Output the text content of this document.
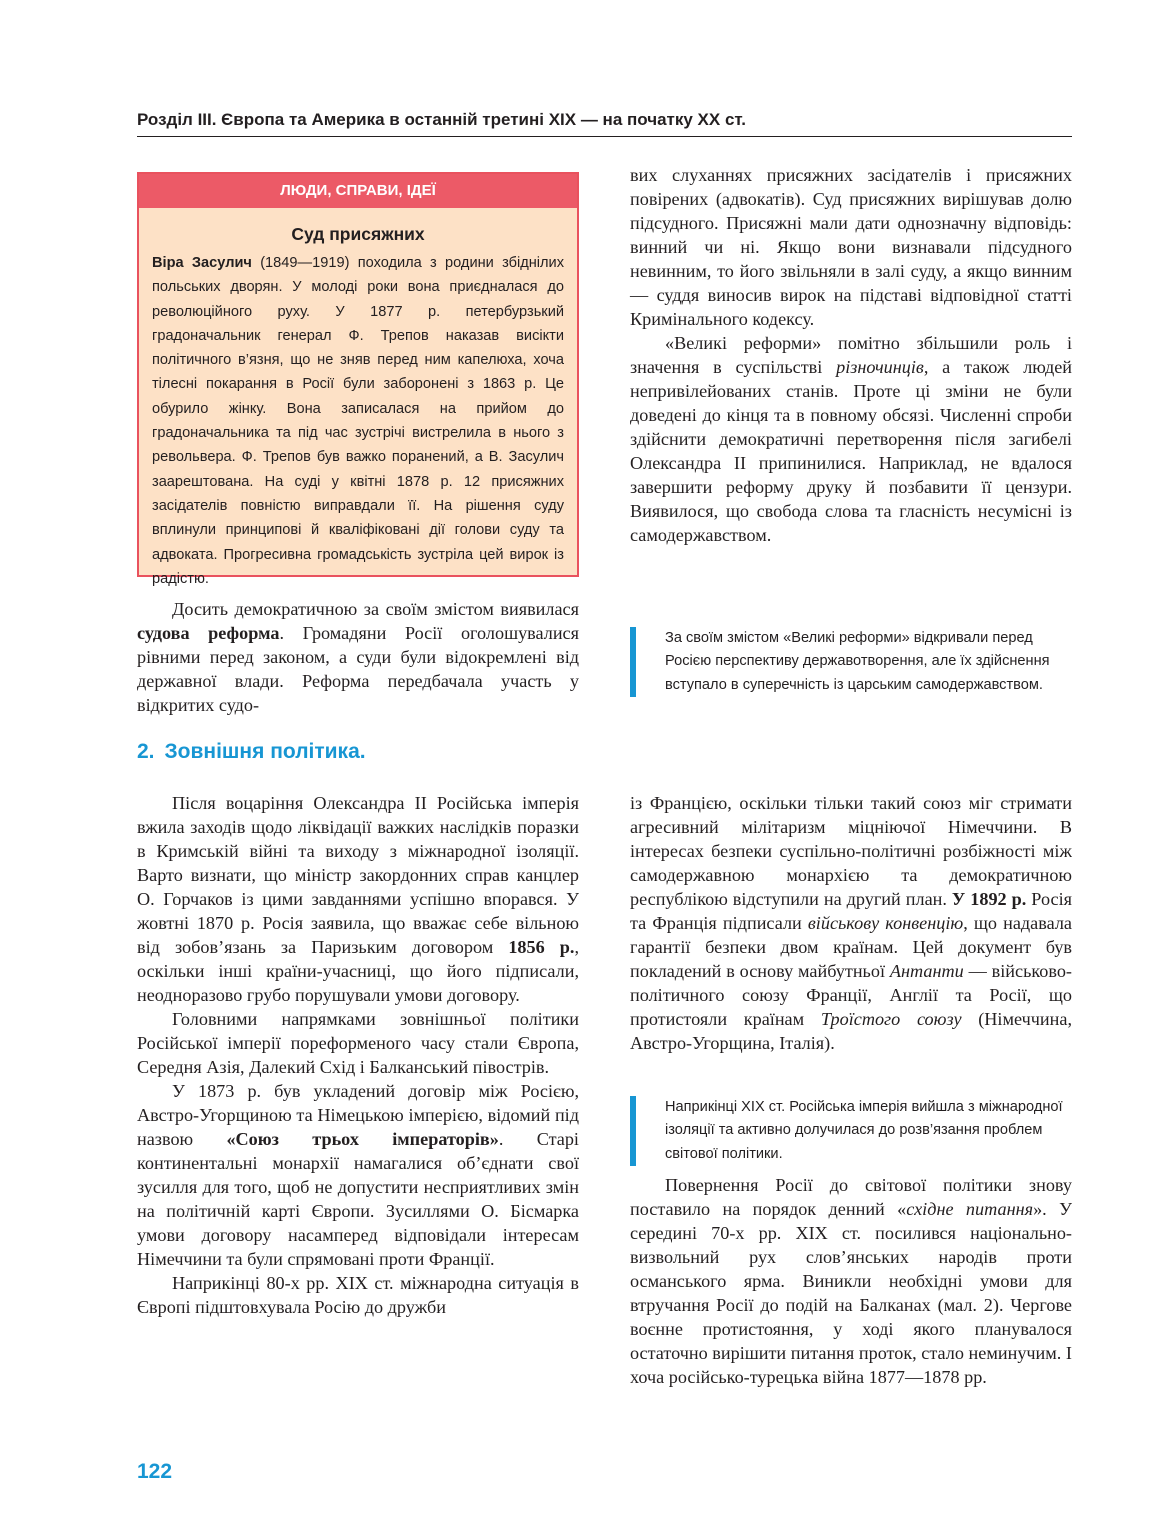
Розділ ІІІ. Європа та Америка в останній третині ХІХ — на початку ХХ ст.
ЛЮДИ, СПРАВИ, ІДЕЇ
Суд присяжних
Віра Засулич (1849—1919) походила з родини збіднілих польських дворян. У молоді роки вона приєдналася до революційного руху. У 1877 р. петербурзький градоначальник генерал Ф. Трепов наказав висікти політичного в’язня, що не зняв перед ним капелюха, хоча тілесні покарання в Росії були заборонені з 1863 р. Це обурило жінку. Вона записалася на прийом до градоначальника та під час зустрічі вистрелила в нього з револьвера. Ф. Трепов був важко поранений, а В. Засулич заарештована. На суді у квітні 1878 р. 12 присяжних засідателів повністю виправдали її. На рішення суду вплинули принципові й кваліфіковані дії голови суду та адвоката. Прогресивна громадськість зустріла цей вирок із радістю.

Досить демократичною за своїм змістом виявилася судова реформа. Громадяни Росії оголошувалися рівними перед законом, а суди були відокремлені від державної влади. Реформа передбачала участь у відкритих судо-

вих слуханнях присяжних засідателів і присяжних повірених (адвокатів). Суд присяжних вирішував долю підсудного. Присяжні мали дати однозначну відповідь: винний чи ні. Якщо вони визнавали підсудного невинним, то його звільняли в залі суду, а якщо винним — суддя виносив вирок на підставі відповідної статті Кримінального кодексу.

«Великі реформи» помітно збільшили роль і значення в суспільстві різночинців, а також людей непривілейованих станів. Проте ці зміни не були доведені до кінця та в повному обсязі. Численні спроби здійснити демократичні перетворення після загибелі Олександра ІІ припинилися. Наприклад, не вдалося завершити реформу друку й позбавити її цензури. Виявилося, що свобода слова та гласність несумісні із самодержавством.

За своїм змістом «Великі реформи» відкривали перед Росією перспективу державотворення, але їх здійснення вступало в суперечність із царським самодержавством.
2. Зовнішня політика.

Після воцаріння Олександра ІІ Російська імперія вжила заходів щодо ліквідації важких наслідків поразки в Кримській війні та виходу з міжнародної ізоляції. Варто визнати, що міністр закордонних справ канцлер О. Горчаков із цими завданнями успішно впорався. У жовтні 1870 р. Росія заявила, що вважає себе вільною від зобов’язань за Паризьким договором 1856 р., оскільки інші країни-учасниці, що його підписали, неодноразово грубо порушували умови договору.

Головними напрямками зовнішньої політики Російської імперії пореформеного часу стали Європа, Середня Азія, Далекий Схід і Балканський півострів.

У 1873 р. був укладений договір між Росією, Австро-Угорщиною та Німецькою імперією, відомий під назвою «Союз трьох імператорів». Старі континентальні монархії намагалися об’єднати свої зусилля для того, щоб не допустити несприятливих змін на політичній карті Європи. Зусиллями О. Бісмарка умови договору насамперед відповідали інтересам Німеччини та були спрямовані проти Франції.

Наприкінці 80-х рр. ХІХ ст. міжнародна ситуація в Європі підштовхувала Росію до дружби

із Францією, оскільки тільки такий союз міг стримати агресивний мілітаризм міцніючої Німеччини. В інтересах безпеки суспільно-політичні розбіжності між самодержавною монархією та демократичною республікою відступили на другий план. У 1892 р. Росія та Франція підписали військову конвенцію, що надавала гарантії безпеки двом країнам. Цей документ був покладений в основу майбутньої Антанти — військово-політичного союзу Франції, Англії та Росії, що протистояли країнам Троїстого союзу (Німеччина, Австро-Угорщина, Італія).

Наприкінці ХІХ ст. Російська імперія вийшла з міжнародної ізоляції та активно долучилася до розв’язання проблем світової політики.

Повернення Росії до світової політики знову поставило на порядок денний «східне питання». У середині 70-х рр. ХІХ ст. посилився національно-визвольний рух слов’янських народів проти османського ярма. Виникли необхідні умови для втручання Росії до подій на Балканах (мал. 2). Чергове воєнне протистояння, у ході якого планувалося остаточно вирішити питання проток, стало неминучим. І хоча російсько-турецька війна 1877—1878 рр.

122
